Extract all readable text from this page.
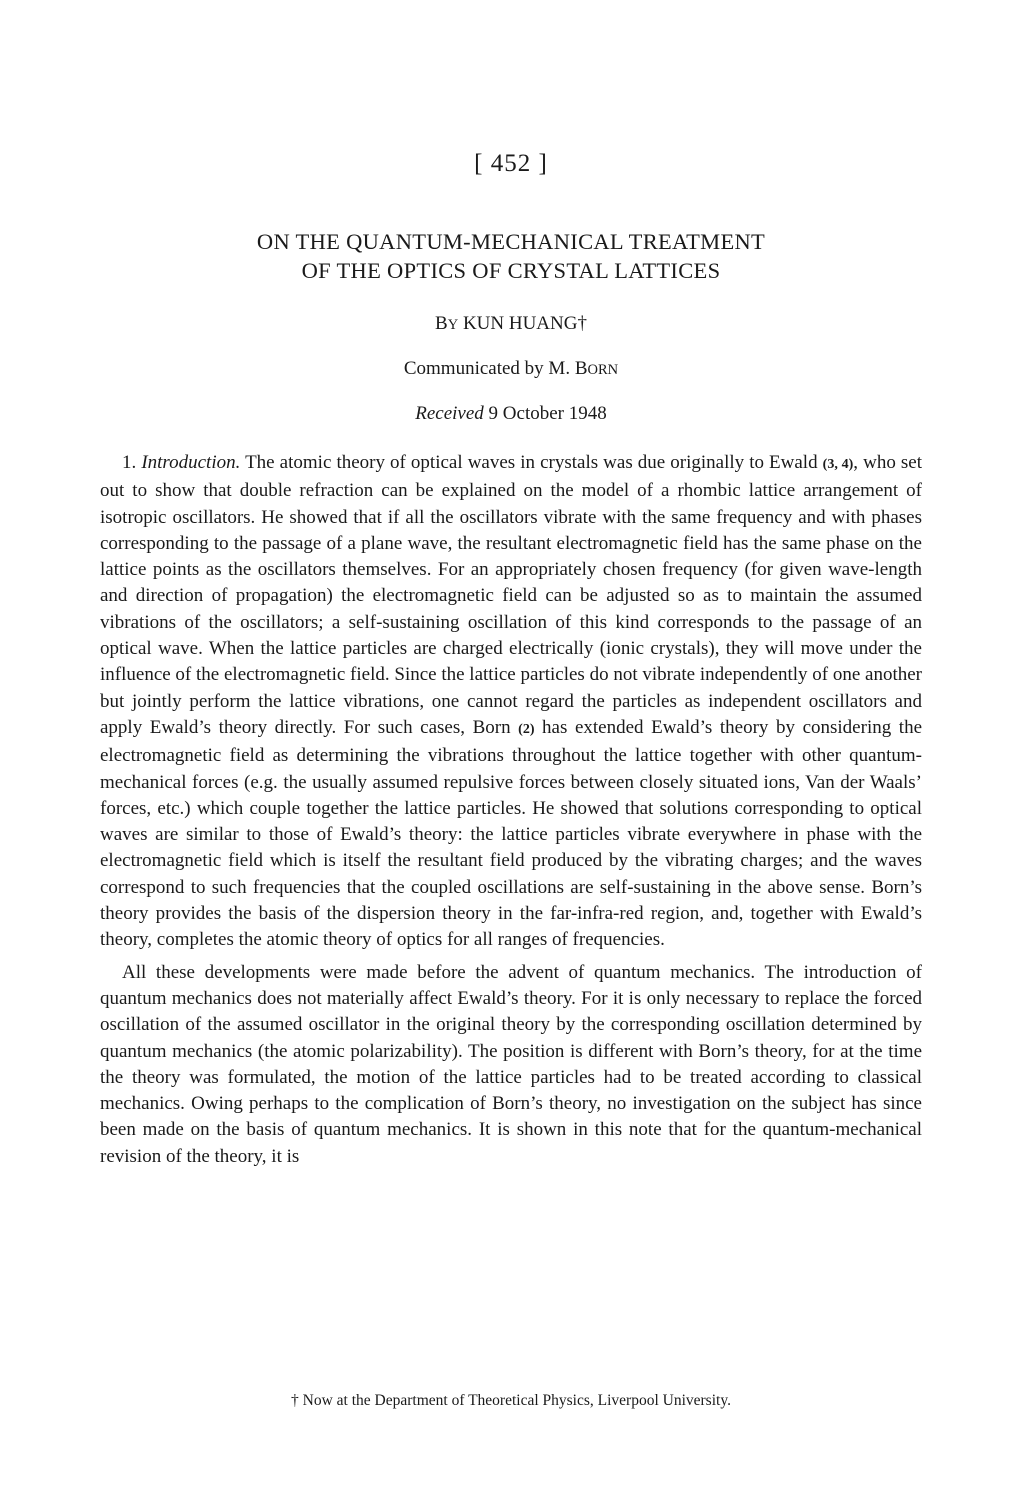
[ 452 ]
ON THE QUANTUM-MECHANICAL TREATMENT
OF THE OPTICS OF CRYSTAL LATTICES
BY KUN HUANG†
Communicated by M. BORN
Received 9 October 1948

1. Introduction. The atomic theory of optical waves in crystals was due originally to Ewald (3, 4), who set out to show that double refraction can be explained on the model of a rhombic lattice arrangement of isotropic oscillators. He showed that if all the oscillators vibrate with the same frequency and with phases corresponding to the passage of a plane wave, the resultant electromagnetic field has the same phase on the lattice points as the oscillators themselves. For an appropriately chosen frequency (for given wave-length and direction of propagation) the electromagnetic field can be adjusted so as to maintain the assumed vibrations of the oscillators; a self-sustaining oscillation of this kind corresponds to the passage of an optical wave. When the lattice particles are charged electrically (ionic crystals), they will move under the influence of the electromagnetic field. Since the lattice particles do not vibrate independently of one another but jointly perform the lattice vibrations, one cannot regard the particles as independent oscillators and apply Ewald’s theory directly. For such cases, Born (2) has extended Ewald’s theory by considering the electromagnetic field as determining the vibrations throughout the lattice together with other quantum-mechanical forces (e.g. the usually assumed repulsive forces between closely situated ions, Van der Waals’ forces, etc.) which couple together the lattice particles. He showed that solutions corresponding to optical waves are similar to those of Ewald’s theory: the lattice particles vibrate everywhere in phase with the electromagnetic field which is itself the resultant field produced by the vibrating charges; and the waves correspond to such frequencies that the coupled oscillations are self-sustaining in the above sense. Born’s theory provides the basis of the dispersion theory in the far-infra-red region, and, together with Ewald’s theory, completes the atomic theory of optics for all ranges of frequencies.

All these developments were made before the advent of quantum mechanics. The introduction of quantum mechanics does not materially affect Ewald’s theory. For it is only necessary to replace the forced oscillation of the assumed oscillator in the original theory by the corresponding oscillation determined by quantum mechanics (the atomic polarizability). The position is different with Born’s theory, for at the time the theory was formulated, the motion of the lattice particles had to be treated according to classical mechanics. Owing perhaps to the complication of Born’s theory, no investigation on the subject has since been made on the basis of quantum mechanics. It is shown in this note that for the quantum-mechanical revision of the theory, it is

† Now at the Department of Theoretical Physics, Liverpool University.
